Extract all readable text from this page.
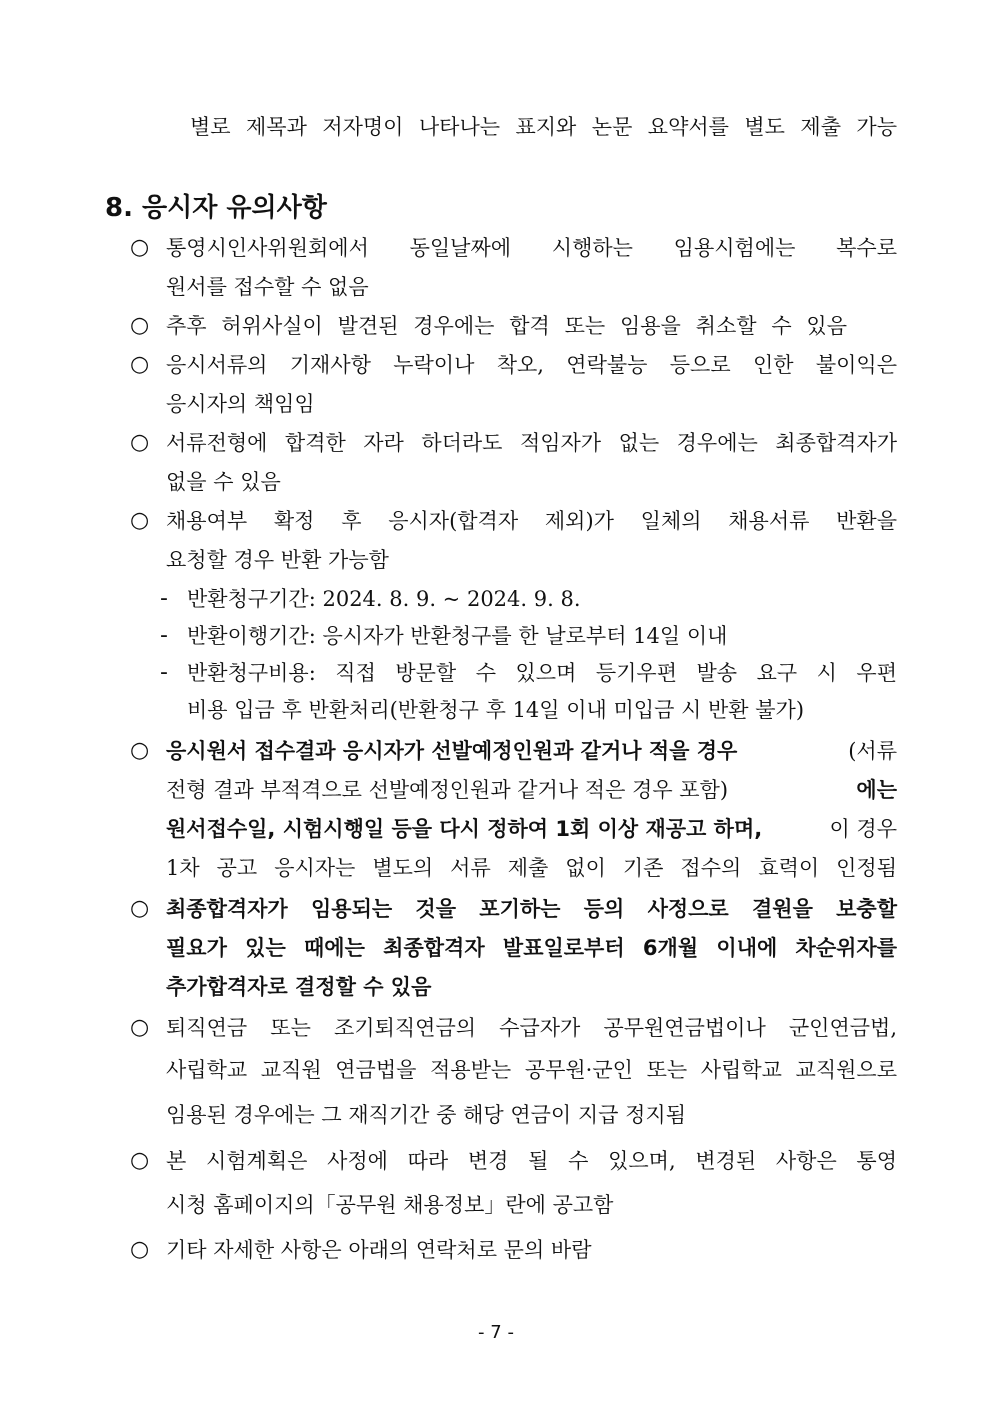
별로 제목과 저자명이 나타나는 표지와 논문 요약서를 별도 제출 가능
8. 응시자 유의사항
○ 통영시인사위원회에서 동일날짜에 시행하는 임용시험에는 복수로
원서를 접수할 수 없음
○ 추후 허위사실이 발견된 경우에는 합격 또는 임용을 취소할 수 있음
○ 응시서류의 기재사항 누락이나 착오, 연락불능 등으로 인한 불이익은
응시자의 책임임
○ 서류전형에 합격한 자라 하더라도 적임자가 없는 경우에는 최종합격자가
없을 수 있음
○ 채용여부 확정 후 응시자(합격자 제외)가 일체의 채용서류 반환을
요청할 경우 반환 가능함
- 반환청구기간: 2024. 8. 9. ~ 2024. 9. 8.
- 반환이행기간: 응시자가 반환청구를 한 날로부터 14일 이내
- 반환청구비용: 직접 방문할 수 있으며 등기우편 발송 요구 시 우편
비용 입금 후 반환처리(반환청구 후 14일 이내 미입금 시 반환 불가)
○ 응시원서 접수결과 응시자가 선발예정인원과 같거나 적을 경우	(서류
전형 결과 부적격으로 선발예정인원과 같거나 적은 경우 포함)	에는
원서접수일, 시험시행일 등을 다시 정하여 1회 이상 재공고 하며,	이 경우
1차 공고 응시자는 별도의 서류 제출 없이 기존 접수의 효력이 인정됨
○ 최종합격자가 임용되는 것을 포기하는 등의 사정으로 결원을 보충할
필요가 있는 때에는 최종합격자 발표일로부터 6개월 이내에 차순위자를
추가합격자로 결정할 수 있음
○ 퇴직연금 또는 조기퇴직연금의 수급자가 공무원연금법이나 군인연금법,
사립학교 교직원 연금법을 적용받는 공무원·군인 또는 사립학교 교직원으로
임용된 경우에는 그 재직기간 중 해당 연금이 지급 정지됨
○ 본 시험계획은 사정에 따라 변경 될 수 있으며, 변경된 사항은 통영
시청 홈페이지의「공무원 채용정보」란에 공고함
○ 기타 자세한 사항은 아래의 연락처로 문의 바람
- 7 -
